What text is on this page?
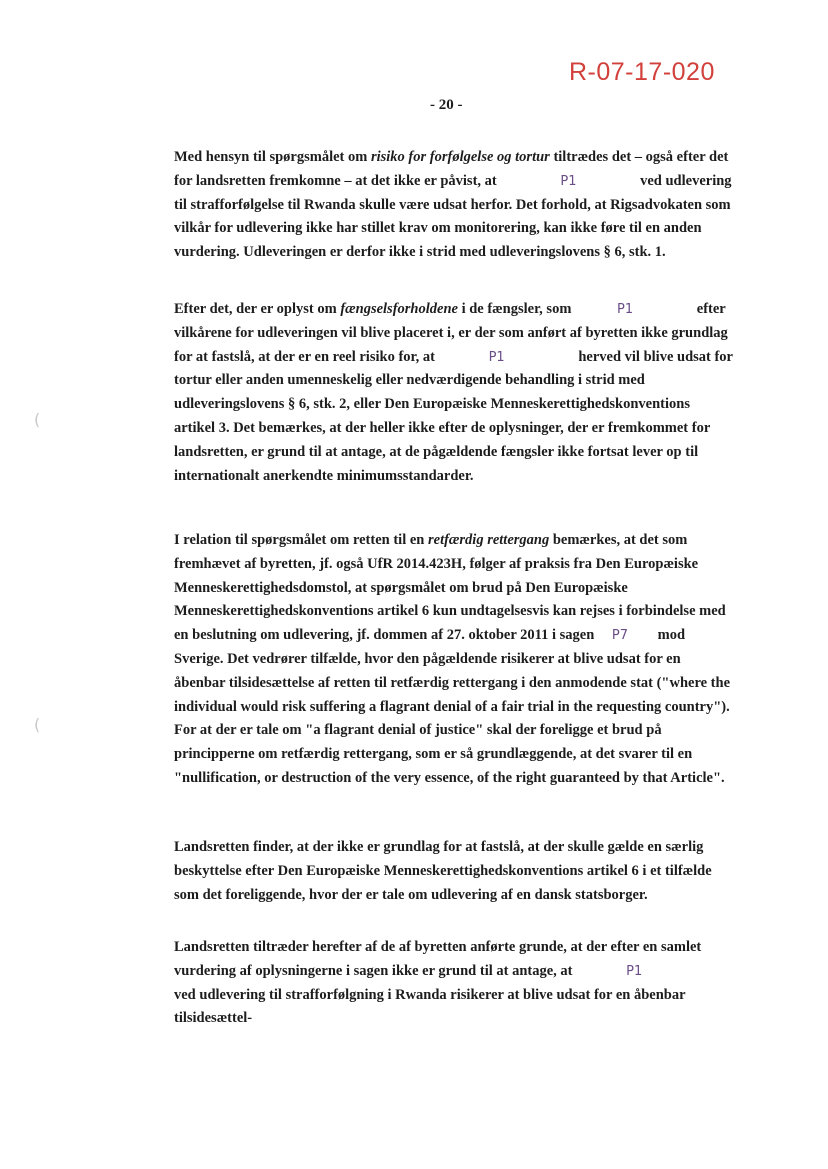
R-07-17-020
- 20 -
Med hensyn til spørgsmålet om risiko for forfølgelse og tortur tiltrædes det – også efter det for landsretten fremkomne – at det ikke er påvist, at	P1	ved udlevering til strafforfølgelse til Rwanda skulle være udsat herfor. Det forhold, at Rigsadvokaten som vilkår for udlevering ikke har stillet krav om monitorering, kan ikke føre til en anden vurdering. Udleveringen er derfor ikke i strid med udleveringslovens § 6, stk. 1.
Efter det, der er oplyst om fængselsforholdene i de fængsler, som	P1	efter vilkårene for udleveringen vil blive placeret i, er der som anført af byretten ikke grundlag for at fastslå, at der er en reel risiko for, at	P1	herved vil blive udsat for tortur eller anden umenneskelig eller nedværdigende behandling i strid med udleveringslovens § 6, stk. 2, eller Den Europæiske Menneskerettighedskonventions artikel 3. Det bemærkes, at der heller ikke efter de oplysninger, der er fremkommet for landsretten, er grund til at antage, at de pågældende fængsler ikke fortsat lever op til internationalt anerkendte minimumsstandarder.
I relation til spørgsmålet om retten til en retfærdig rettergang bemærkes, at det som fremhævet af byretten, jf. også UfR 2014.423H, følger af praksis fra Den Europæiske Menneskerettighedsdomstol, at spørgsmålet om brud på Den Europæiske Menneskerettighedskonventions artikel 6 kun undtagelsesvis kan rejses i forbindelse med en beslutning om udlevering, jf. dommen af 27. oktober 2011 i sagen P7 mod Sverige. Det vedrører tilfælde, hvor den pågældende risikerer at blive udsat for en åbenbar tilsidesættelse af retten til retfærdig rettergang i den anmodende stat ("where the individual would risk suffering a flagrant denial of a fair trial in the requesting country"). For at der er tale om "a flagrant denial of justice" skal der foreligge et brud på principperne om retfærdig rettergang, som er så grundlæggende, at det svarer til en "nullification, or destruction of the very essence, of the right guaranteed by that Article".
Landsretten finder, at der ikke er grundlag for at fastslå, at der skulle gælde en særlig beskyttelse efter Den Europæiske Menneskerettighedskonventions artikel 6 i et tilfælde som det foreliggende, hvor der er tale om udlevering af en dansk statsborger.
Landsretten tiltræder herefter af de af byretten anførte grunde, at der efter en samlet vurdering af oplysningerne i sagen ikke er grund til at antage, at	P1 ved udlevering til strafforfølgning i Rwanda risikerer at blive udsat for en åbenbar tilsidesættel-
(
(
